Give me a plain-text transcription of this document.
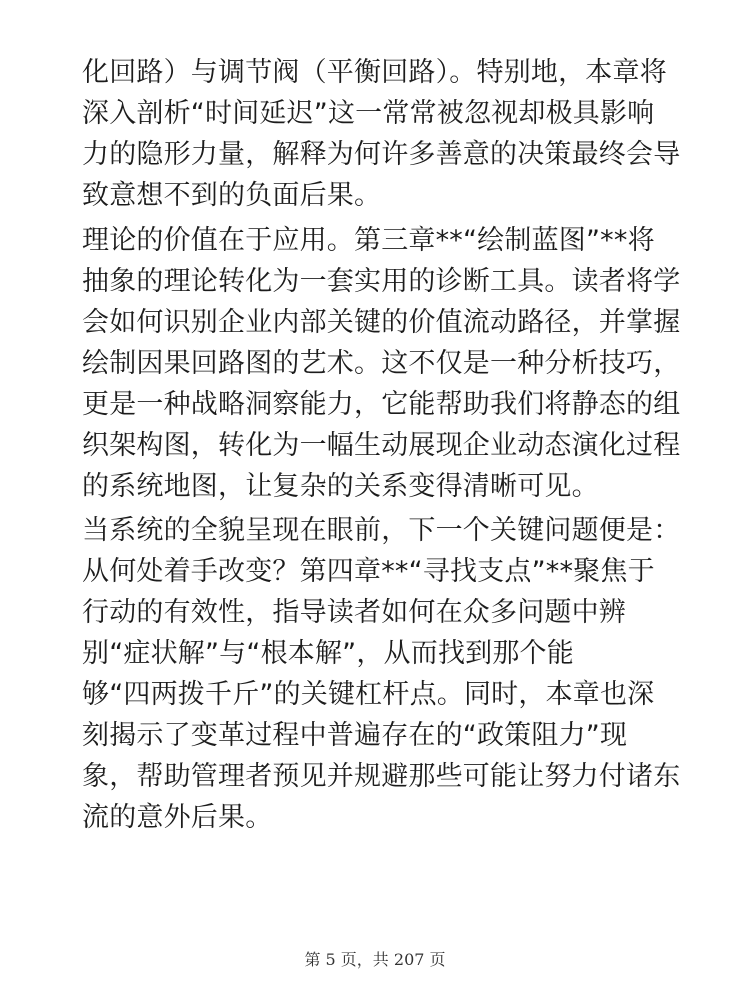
化回路）与调节阀（平衡回路）。特别地，本章将
深入剖析“时间延迟”这一常常被忽视却极具影响
力的隐形力量，解释为何许多善意的决策最终会导
致意想不到的负面后果。
理论的价值在于应用。第三章**“绘制蓝图”**将
抽象的理论转化为一套实用的诊断工具。读者将学
会如何识别企业内部关键的价值流动路径，并掌握
绘制因果回路图的艺术。这不仅是一种分析技巧，
更是一种战略洞察能力，它能帮助我们将静态的组
织架构图，转化为一幅生动展现企业动态演化过程
的系统地图，让复杂的关系变得清晰可见。
当系统的全貌呈现在眼前，下一个关键问题便是：
从何处着手改变？第四章**“寻找支点”**聚焦于
行动的有效性，指导读者如何在众多问题中辨
别“症状解”与“根本解”，从而找到那个能
够“四两拨千斤”的关键杠杆点。同时，本章也深
刻揭示了变革过程中普遍存在的“政策阻力”现
象，帮助管理者预见并规避那些可能让努力付诸东
流的意外后果。
第 5 页，共 207 页
